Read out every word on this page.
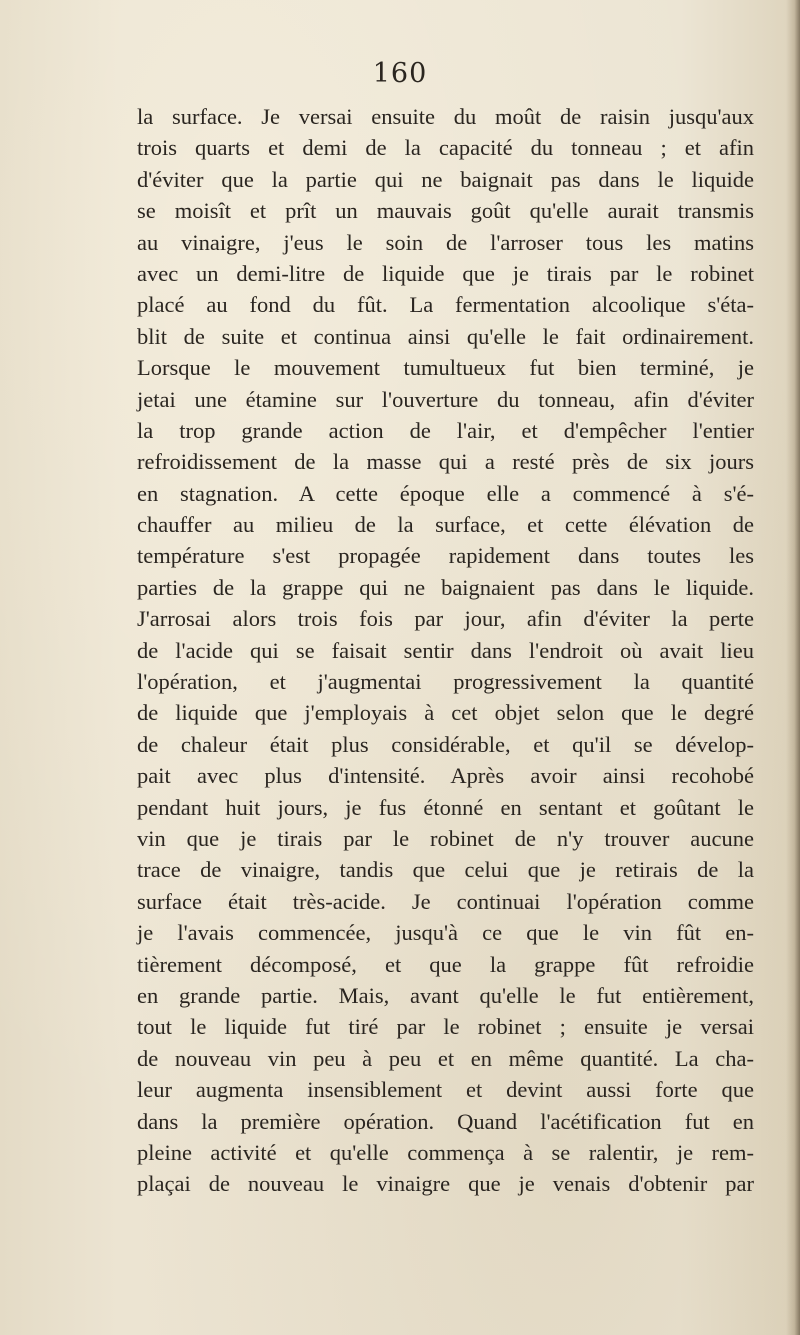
160
la surface. Je versai ensuite du moût de raisin jusqu'aux
trois quarts et demi de la capacité du tonneau ; et afin
d'éviter que la partie qui ne baignait pas dans le liquide
se moisît et prît un mauvais goût qu'elle aurait transmis
au vinaigre, j'eus le soin de l'arroser tous les matins
avec un demi-litre de liquide que je tirais par le robinet
placé au fond du fût. La fermentation alcoolique s'éta-
blit de suite et continua ainsi qu'elle le fait ordinairement.
Lorsque le mouvement tumultueux fut bien terminé, je
jetai une étamine sur l'ouverture du tonneau, afin d'éviter
la trop grande action de l'air, et d'empêcher l'entier
refroidissement de la masse qui a resté près de six jours
en stagnation. A cette époque elle a commencé à s'é-
chauffer au milieu de la surface, et cette élévation de
température s'est propagée rapidement dans toutes les
parties de la grappe qui ne baignaient pas dans le liquide.
J'arrosai alors trois fois par jour, afin d'éviter la perte
de l'acide qui se faisait sentir dans l'endroit où avait lieu
l'opération, et j'augmentai progressivement la quantité
de liquide que j'employais à cet objet selon que le degré
de chaleur était plus considérable, et qu'il se dévelop-
pait avec plus d'intensité. Après avoir ainsi recohobé
pendant huit jours, je fus étonné en sentant et goûtant le
vin que je tirais par le robinet de n'y trouver aucune
trace de vinaigre, tandis que celui que je retirais de la
surface était très-acide. Je continuai l'opération comme
je l'avais commencée, jusqu'à ce que le vin fût en-
tièrement décomposé, et que la grappe fût refroidie
en grande partie. Mais, avant qu'elle le fut entièrement,
tout le liquide fut tiré par le robinet ; ensuite je versai
de nouveau vin peu à peu et en même quantité. La cha-
leur augmenta insensiblement et devint aussi forte que
dans la première opération. Quand l'acétification fut en
pleine activité et qu'elle commença à se ralentir, je rem-
plaçai de nouveau le vinaigre que je venais d'obtenir par
